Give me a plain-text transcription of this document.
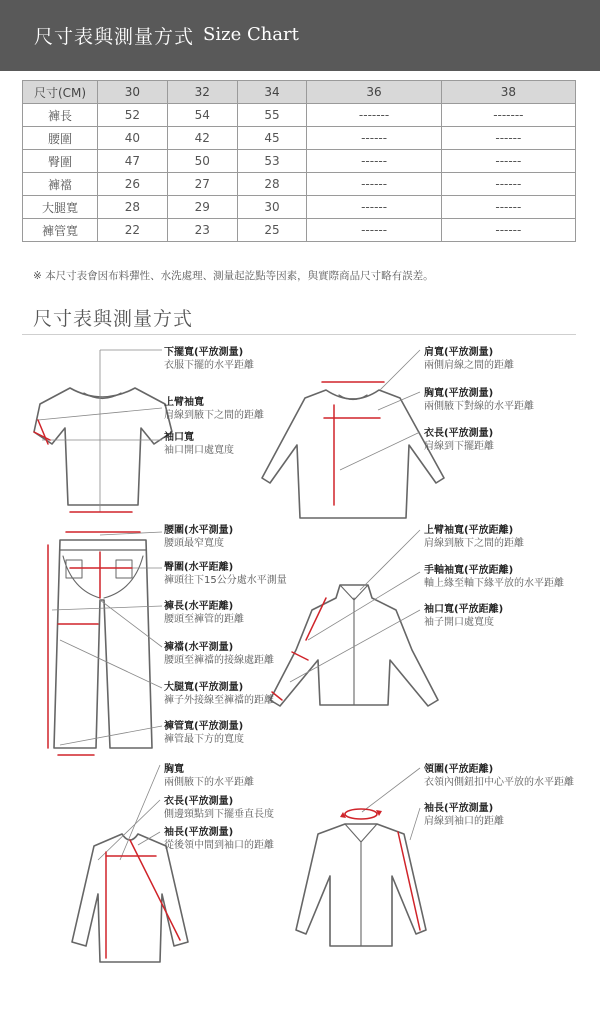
尺寸表與測量方式 Size Chart
尺寸(CM)	30	32	34	36	38
褲長	52	54	55	-------	-------
腰圍	40	42	45	------	------
臀圍	47	50	53	------	------
褲襠	26	27	28	------	------
大腿寬	28	29	30	------	------
褲管寬	22	23	25	------	------
※ 本尺寸表會因布料彈性、水洗處理、測量起訖點等因素，與實際商品尺寸略有誤差。
尺寸表與測量方式
下擺寬(平放測量)
衣服下擺的水平距離
上臂袖寬
肩線到腋下之間的距離
袖口寬
袖口開口處寬度
肩寬(平放測量)
兩側肩線之間的距離
胸寬(平放測量)
兩側腋下對線的水平距離
衣長(平放測量)
肩線到下擺距離
腰圍(水平測量)
腰頭最窄寬度
臀圍(水平距離)
褲頭往下15公分處水平測量
褲長(水平距離)
腰頭至褲管的距離
褲襠(水平測量)
腰頭至褲襠的接線處距離
大腿寬(平放測量)
褲子外接線至褲襠的距離
褲管寬(平放測量)
褲管最下方的寬度
上臂袖寬(平放距離)
肩線到腋下之間的距離
手軸袖寬(平放距離)
軸上緣至軸下緣平放的水平距離
袖口寬(平放距離)
袖子開口處寬度
胸寬
兩側腋下的水平距離
衣長(平放測量)
側邊頸點到下擺垂直長度
袖長(平放測量)
從後領中間到袖口的距離
領圍(平放距離)
衣領內側鈕扣中心平放的水平距離
袖長(平放測量)
肩線到袖口的距離
